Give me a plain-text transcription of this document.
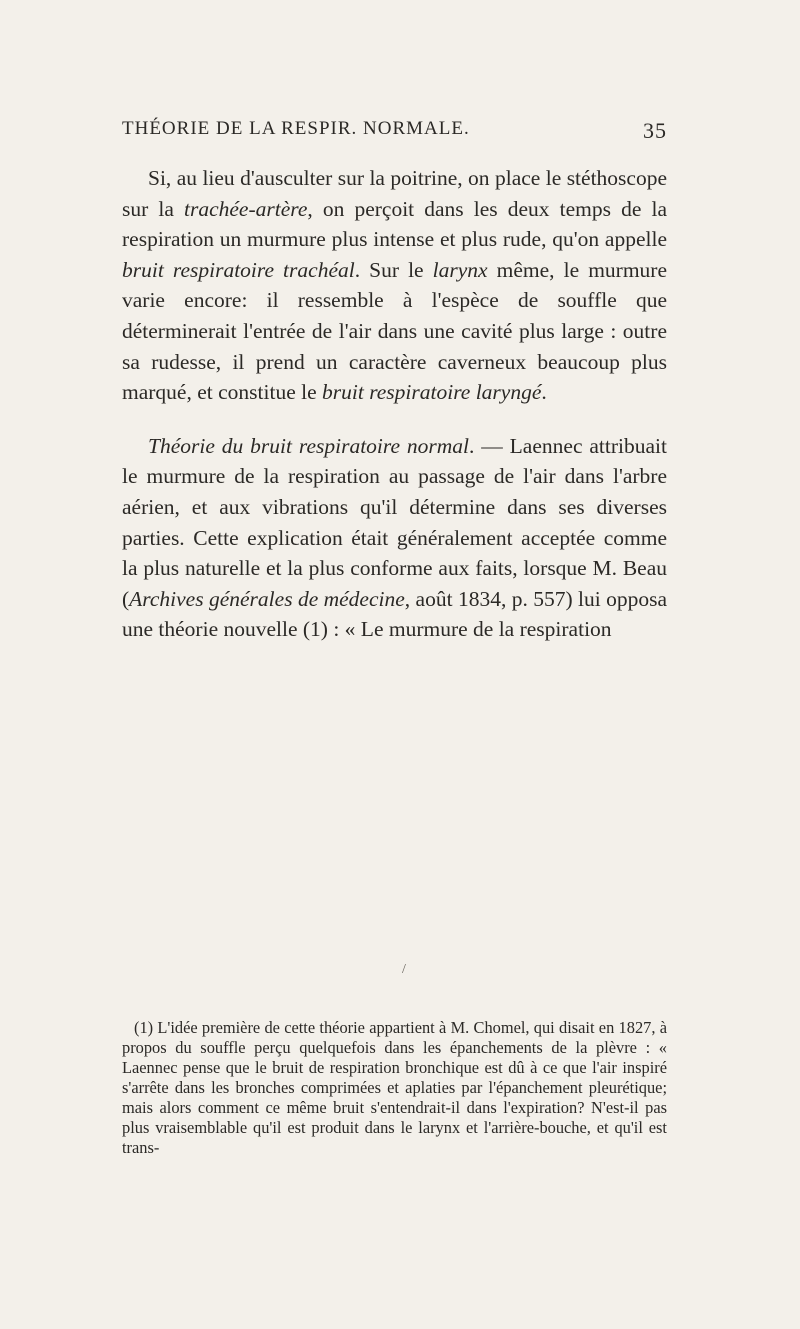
THÉORIE DE LA RESPIR. NORMALE.	35

Si, au lieu d'ausculter sur la poitrine, on place le stéthoscope sur la trachée-artère, on perçoit dans les deux temps de la respiration un murmure plus intense et plus rude, qu'on appelle bruit respiratoire trachéal. Sur le larynx même, le murmure varie encore: il ressemble à l'espèce de souffle que déterminerait l'entrée de l'air dans une cavité plus large : outre sa rudesse, il prend un caractère caverneux beaucoup plus marqué, et constitue le bruit respiratoire laryngé.

Théorie du bruit respiratoire normal. — Laennec attribuait le murmure de la respiration au passage de l'air dans l'arbre aérien, et aux vibrations qu'il détermine dans ses diverses parties. Cette explication était généralement acceptée comme la plus naturelle et la plus conforme aux faits, lorsque M. Beau (Archives générales de médecine, août 1834, p. 557) lui opposa une théorie nouvelle (1) : « Le murmure de la respiration

/

(1) L'idée première de cette théorie appartient à M. Chomel, qui disait en 1827, à propos du souffle perçu quelquefois dans les épanchements de la plèvre : « Laennec pense que le bruit de respiration bronchique est dû à ce que l'air inspiré s'arrête dans les bronches comprimées et aplaties par l'épanchement pleurétique; mais alors comment ce même bruit s'entendrait-il dans l'expiration? N'est-il pas plus vraisemblable qu'il est produit dans le larynx et l'arrière-bouche, et qu'il est trans-
